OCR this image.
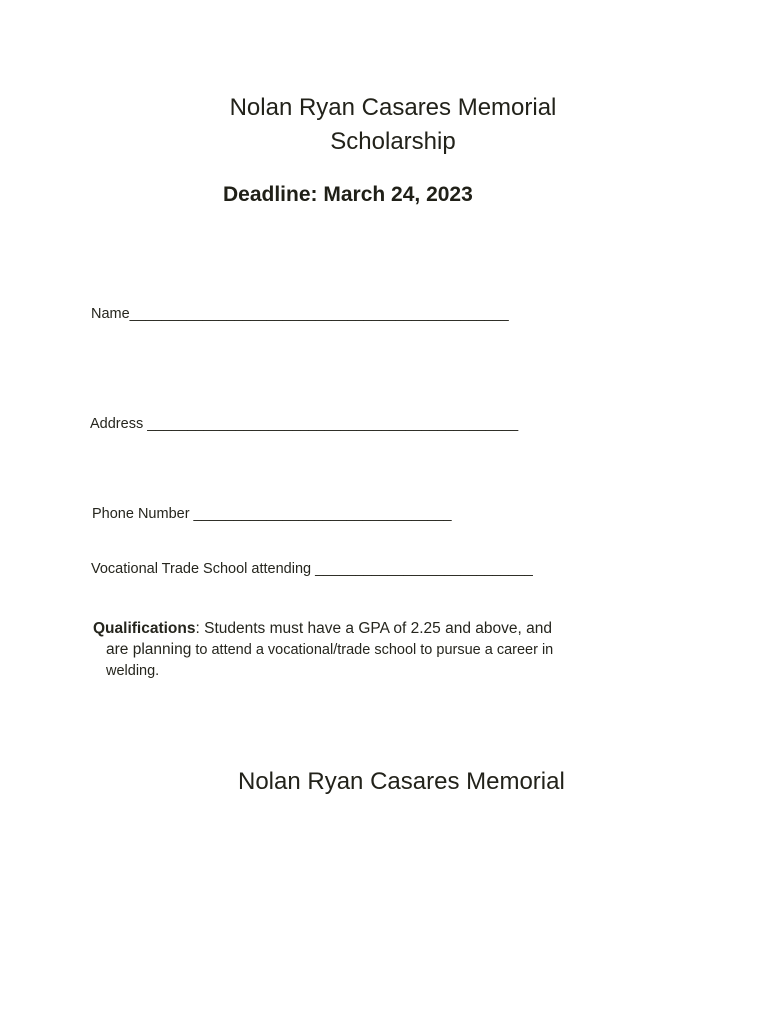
Nolan Ryan Casares Memorial
Scholarship
Deadline: March 24, 2023
Name_______________________________________________
Address ______________________________________________
Phone Number ________________________________
Vocational Trade School attending ___________________________
Qualifications: Students must have a GPA of 2.25 and above, and
are planning to attend a vocational/trade school to pursue a career in
welding.
Nolan Ryan Casares Memorial
